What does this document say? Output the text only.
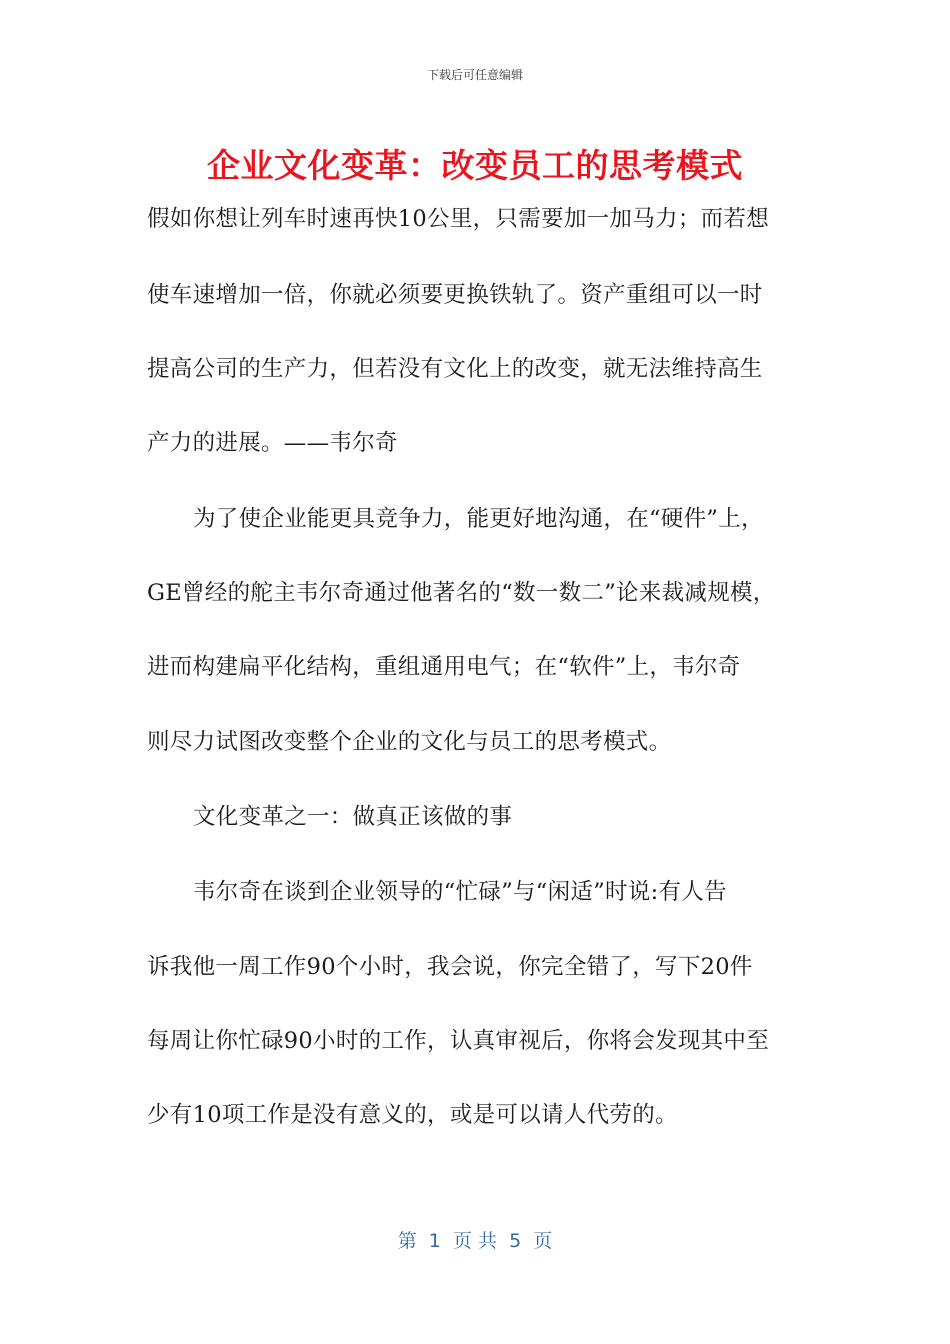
下载后可任意编辑
企业文化变革：改变员工的思考模式
假如你想让列车时速再快10公里，只需要加一加马力；而若想
使车速增加一倍，你就必须要更换铁轨了。资产重组可以一时
提高公司的生产力，但若没有文化上的改变，就无法维持高生
产力的进展。——韦尔奇
为了使企业能更具竞争力，能更好地沟通，在“硬件”上，
GE曾经的舵主韦尔奇通过他著名的“数一数二”论来裁减规模，
进而构建扁平化结构，重组通用电气；在“软件”上，韦尔奇
则尽力试图改变整个企业的文化与员工的思考模式。
文化变革之一：做真正该做的事
韦尔奇在谈到企业领导的“忙碌”与“闲适”时说:有人告
诉我他一周工作90个小时，我会说，你完全错了，写下20件
每周让你忙碌90小时的工作，认真审视后，你将会发现其中至
少有10项工作是没有意义的，或是可以请人代劳的。
第  1  页 共  5  页
